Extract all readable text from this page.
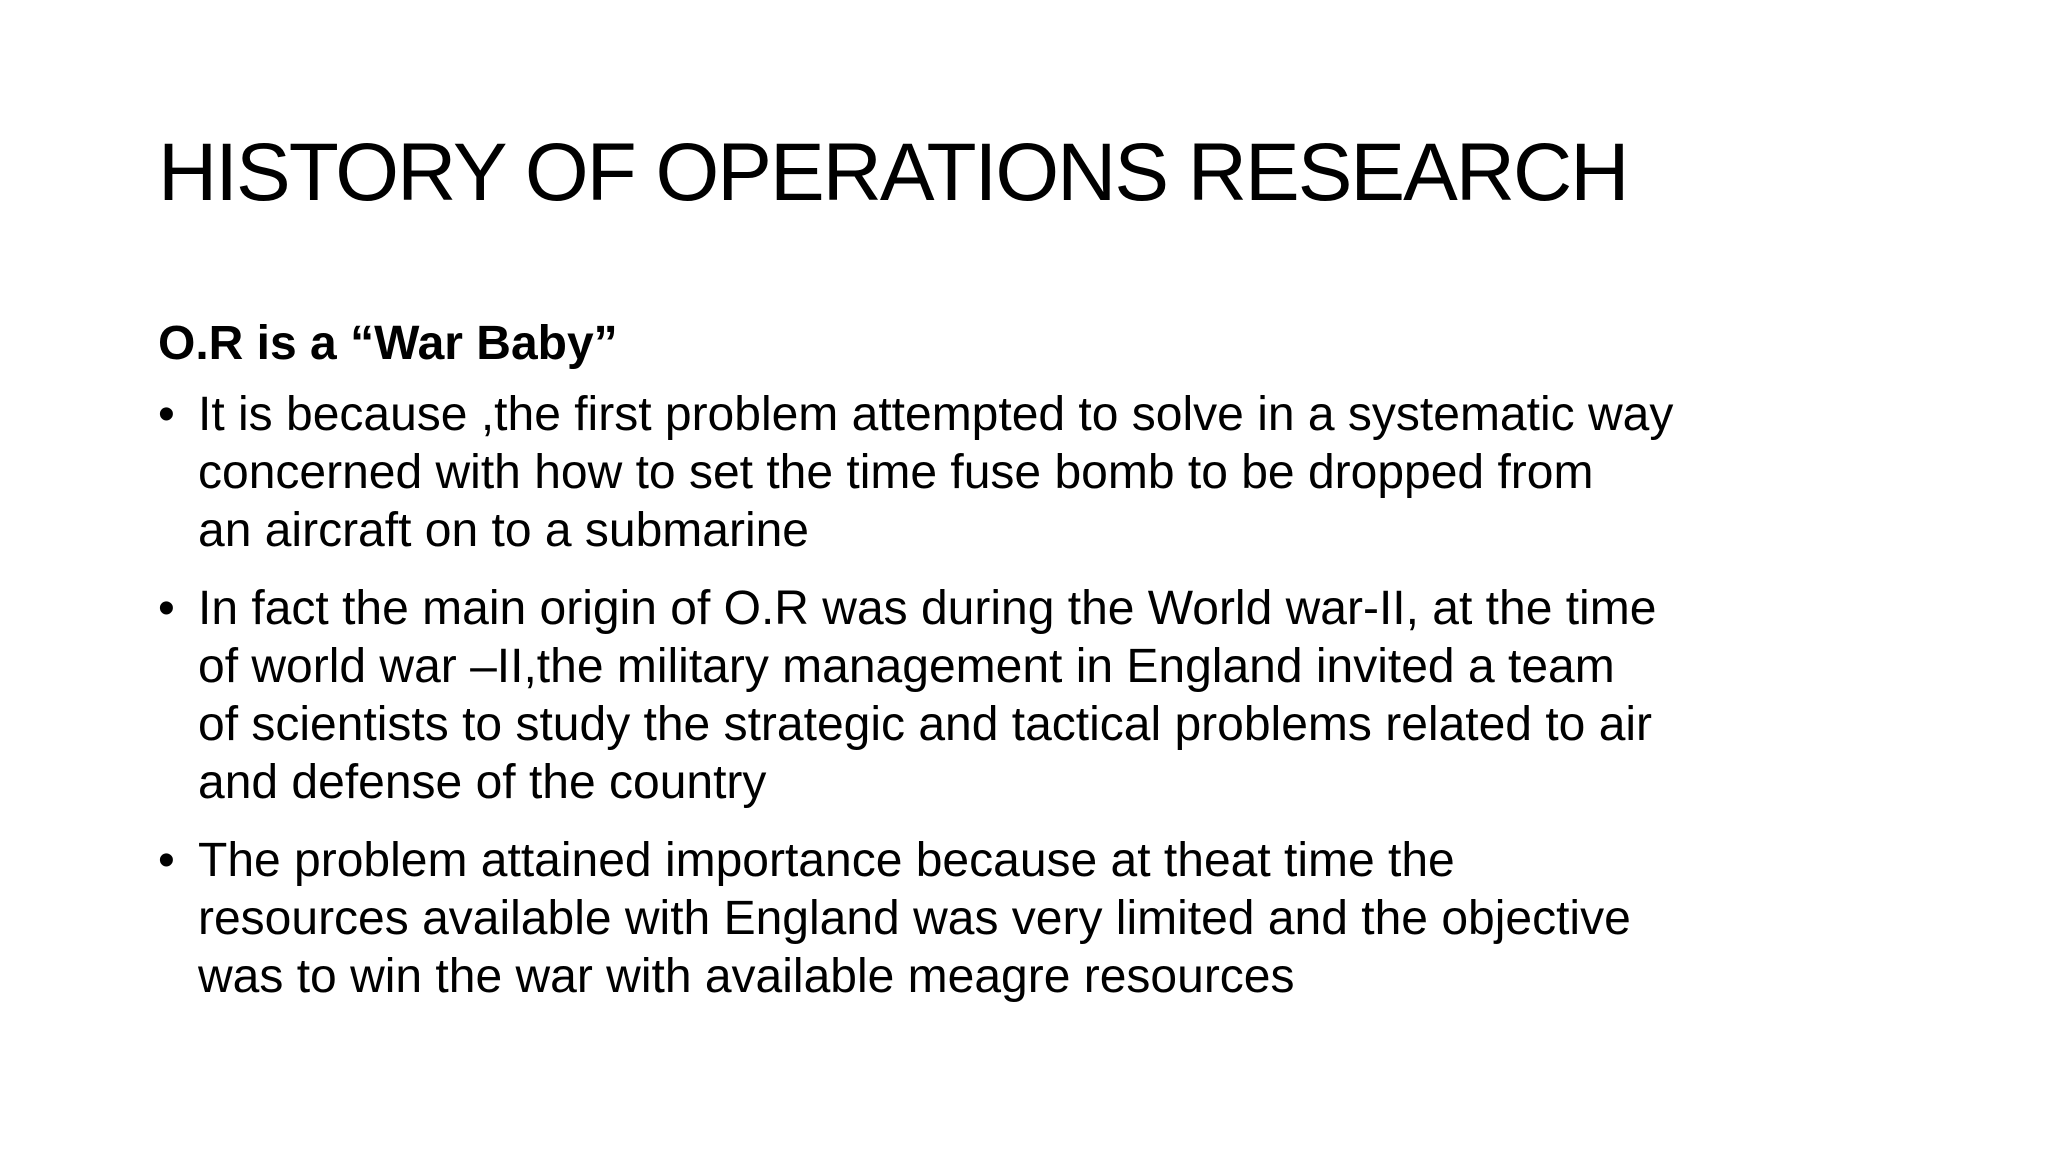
HISTORY OF OPERATIONS RESEARCH
O.R is a “War Baby”
• It is because ,the first problem attempted to solve in a systematic way
concerned with how to set the time fuse bomb to be dropped from
an aircraft on to a submarine
• In fact the main origin of O.R was during the World war-II, at the time
of world war –II,the military management in England invited a team
of scientists to study the strategic and tactical problems related to air
and defense of the country
• The problem attained importance because at theat time the
resources available with England was very limited and the objective
was to win the war with available meagre resources
